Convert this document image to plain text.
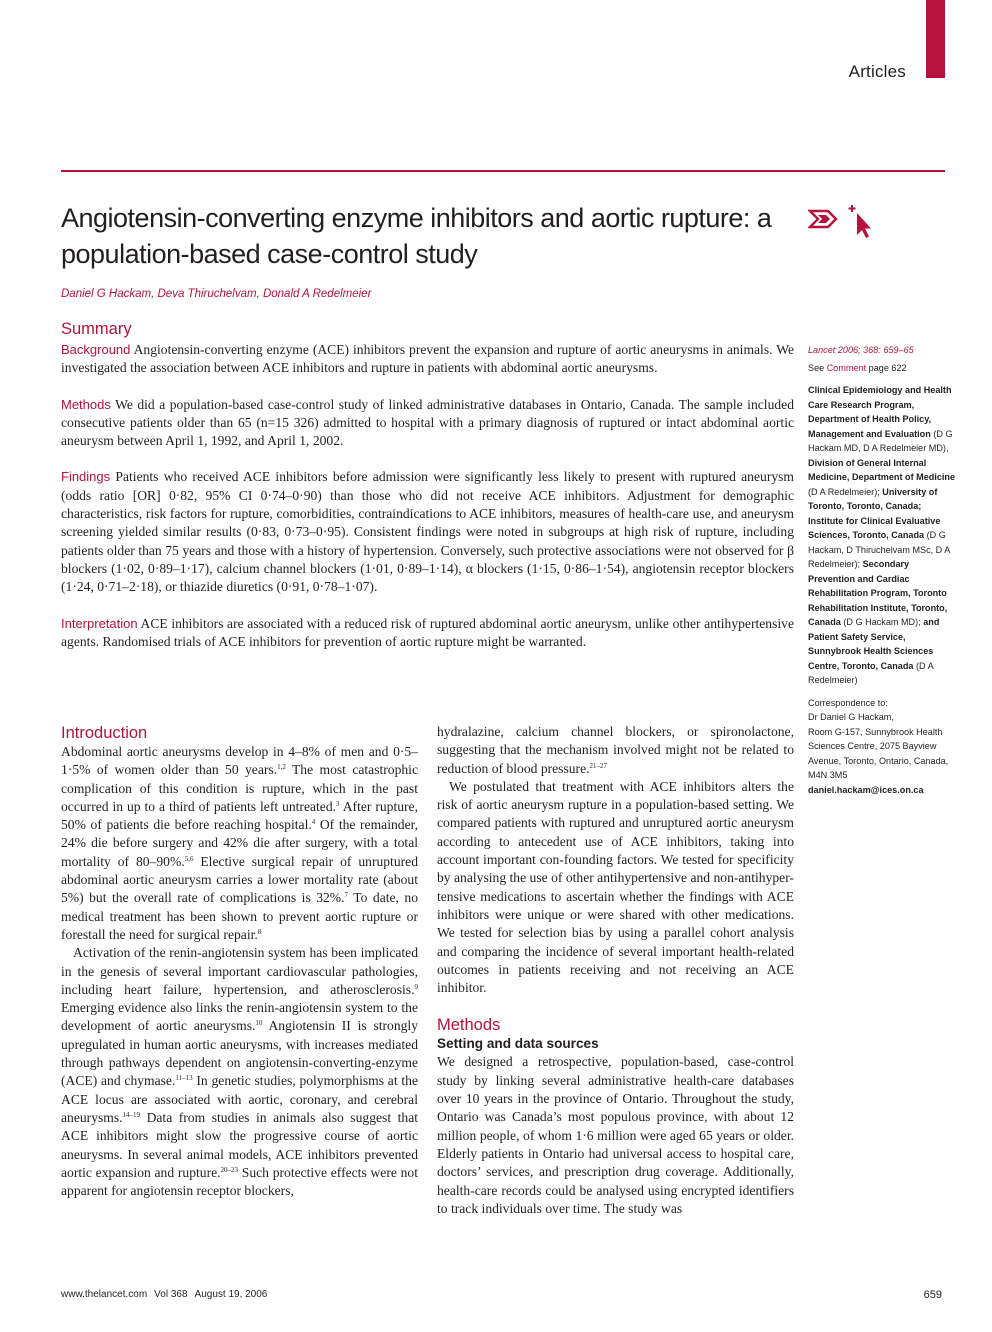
Articles
Angiotensin-converting enzyme inhibitors and aortic rupture: a population-based case-control study
Daniel G Hackam, Deva Thiruchelvam, Donald A Redelmeier
Summary

Background Angiotensin-converting enzyme (ACE) inhibitors prevent the expansion and rupture of aortic aneurysms in animals. We investigated the association between ACE inhibitors and rupture in patients with abdominal aortic aneurysms.

Methods We did a population-based case-control study of linked administrative databases in Ontario, Canada. The sample included consecutive patients older than 65 (n=15 326) admitted to hospital with a primary diagnosis of ruptured or intact abdominal aortic aneurysm between April 1, 1992, and April 1, 2002.

Findings Patients who received ACE inhibitors before admission were significantly less likely to present with ruptured aneurysm (odds ratio [OR] 0·82, 95% CI 0·74–0·90) than those who did not receive ACE inhibitors. Adjustment for demographic characteristics, risk factors for rupture, comorbidities, contraindications to ACE inhibitors, measures of health-care use, and aneurysm screening yielded similar results (0·83, 0·73–0·95). Consistent findings were noted in subgroups at high risk of rupture, including patients older than 75 years and those with a history of hypertension. Conversely, such protective associations were not observed for β blockers (1·02, 0·89–1·17), calcium channel blockers (1·01, 0·89–1·14), α blockers (1·15, 0·86–1·54), angiotensin receptor blockers (1·24, 0·71–2·18), or thiazide diuretics (0·91, 0·78–1·07).

Interpretation ACE inhibitors are associated with a reduced risk of ruptured abdominal aortic aneurysm, unlike other antihypertensive agents. Randomised trials of ACE inhibitors for prevention of aortic rupture might be warranted.

Lancet 2006; 368: 659–65

See Comment page 622

Clinical Epidemiology and Health Care Research Program, Department of Health Policy, Management and Evaluation (D G Hackam MD, D A Redelmeier MD), Division of General Internal Medicine, Department of Medicine (D A Redelmeier); University of Toronto, Toronto, Canada; Institute for Clinical Evaluative Sciences, Toronto, Canada (D G Hackam, D Thiruchelvam MSc, D A Redelmeier); Secondary Prevention and Cardiac Rehabilitation Program, Toronto Rehabilitation Institute, Toronto, Canada (D G Hackam MD); and Patient Safety Service, Sunnybrook Health Sciences Centre, Toronto, Canada (D A Redelmeier)

Correspondence to:

Dr Daniel G Hackam,

Room G-157, Sunnybrook Health Sciences Centre, 2075 Bayview Avenue, Toronto, Ontario, Canada, M4N 3M5

daniel.hackam@ices.on.ca

Introduction

Abdominal aortic aneurysms develop in 4–8% of men and 0·5–1·5% of women older than 50 years.$^{1,2}$ The most catastrophic complication of this condition is rupture, which in the past occurred in up to a third of patients left untreated.$^3$ After rupture, 50% of patients die before reaching hospital.$^4$ Of the remainder, 24% die before surgery and 42% die after surgery, with a total mortality of 80–90%.$^{5,6}$ Elective surgical repair of unruptured abdominal aortic aneurysm carries a lower mortality rate (about 5%) but the overall rate of complications is 32%.$^7$ To date, no medical treatment has been shown to prevent aortic rupture or forestall the need for surgical repair.$^8$

Activation of the renin-angiotensin system has been implicated in the genesis of several important cardiovascular pathologies, including heart failure, hypertension, and atherosclerosis.$^9$ Emerging evidence also links the renin-angiotensin system to the development of aortic aneurysms.$^{10}$ Angiotensin II is strongly upregulated in human aortic aneurysms, with increases mediated through pathways dependent on angiotensin-converting-enzyme (ACE) and chymase.$^{11-13}$ In genetic studies, polymorphisms at the ACE locus are associated with aortic, coronary, and cerebral aneurysms.$^{14-19}$ Data from studies in animals also suggest that ACE inhibitors might slow the progressive course of aortic aneurysms. In several animal models, ACE inhibitors prevented aortic expansion and rupture.$^{20-23}$ Such protective effects were not apparent for angiotensin receptor blockers,

hydralazine, calcium channel blockers, or spironolactone, suggesting that the mechanism involved might not be related to reduction of blood pressure.$^{21-27}$

We postulated that treatment with ACE inhibitors alters the risk of aortic aneurysm rupture in a population-based setting. We compared patients with ruptured and unruptured aortic aneurysm according to antecedent use of ACE inhibitors, taking into account important con-founding factors. We tested for specificity by analysing the use of other antihypertensive and non-antihyper-tensive medications to ascertain whether the findings with ACE inhibitors were unique or were shared with other medications. We tested for selection bias by using a parallel cohort analysis and comparing the incidence of several important health-related outcomes in patients receiving and not receiving an ACE inhibitor.

Methods
Setting and data sources

We designed a retrospective, population-based, case-control study by linking several administrative health-care databases over 10 years in the province of Ontario. Throughout the study, Ontario was Canada’s most populous province, with about 12 million people, of whom 1·6 million were aged 65 years or older. Elderly patients in Ontario had universal access to hospital care, doctors’ services, and prescription drug coverage. Additionally, health-care records could be analysed using encrypted identifiers to track individuals over time. The study was

www.thelancet.com Vol 368 August 19, 2006	659
